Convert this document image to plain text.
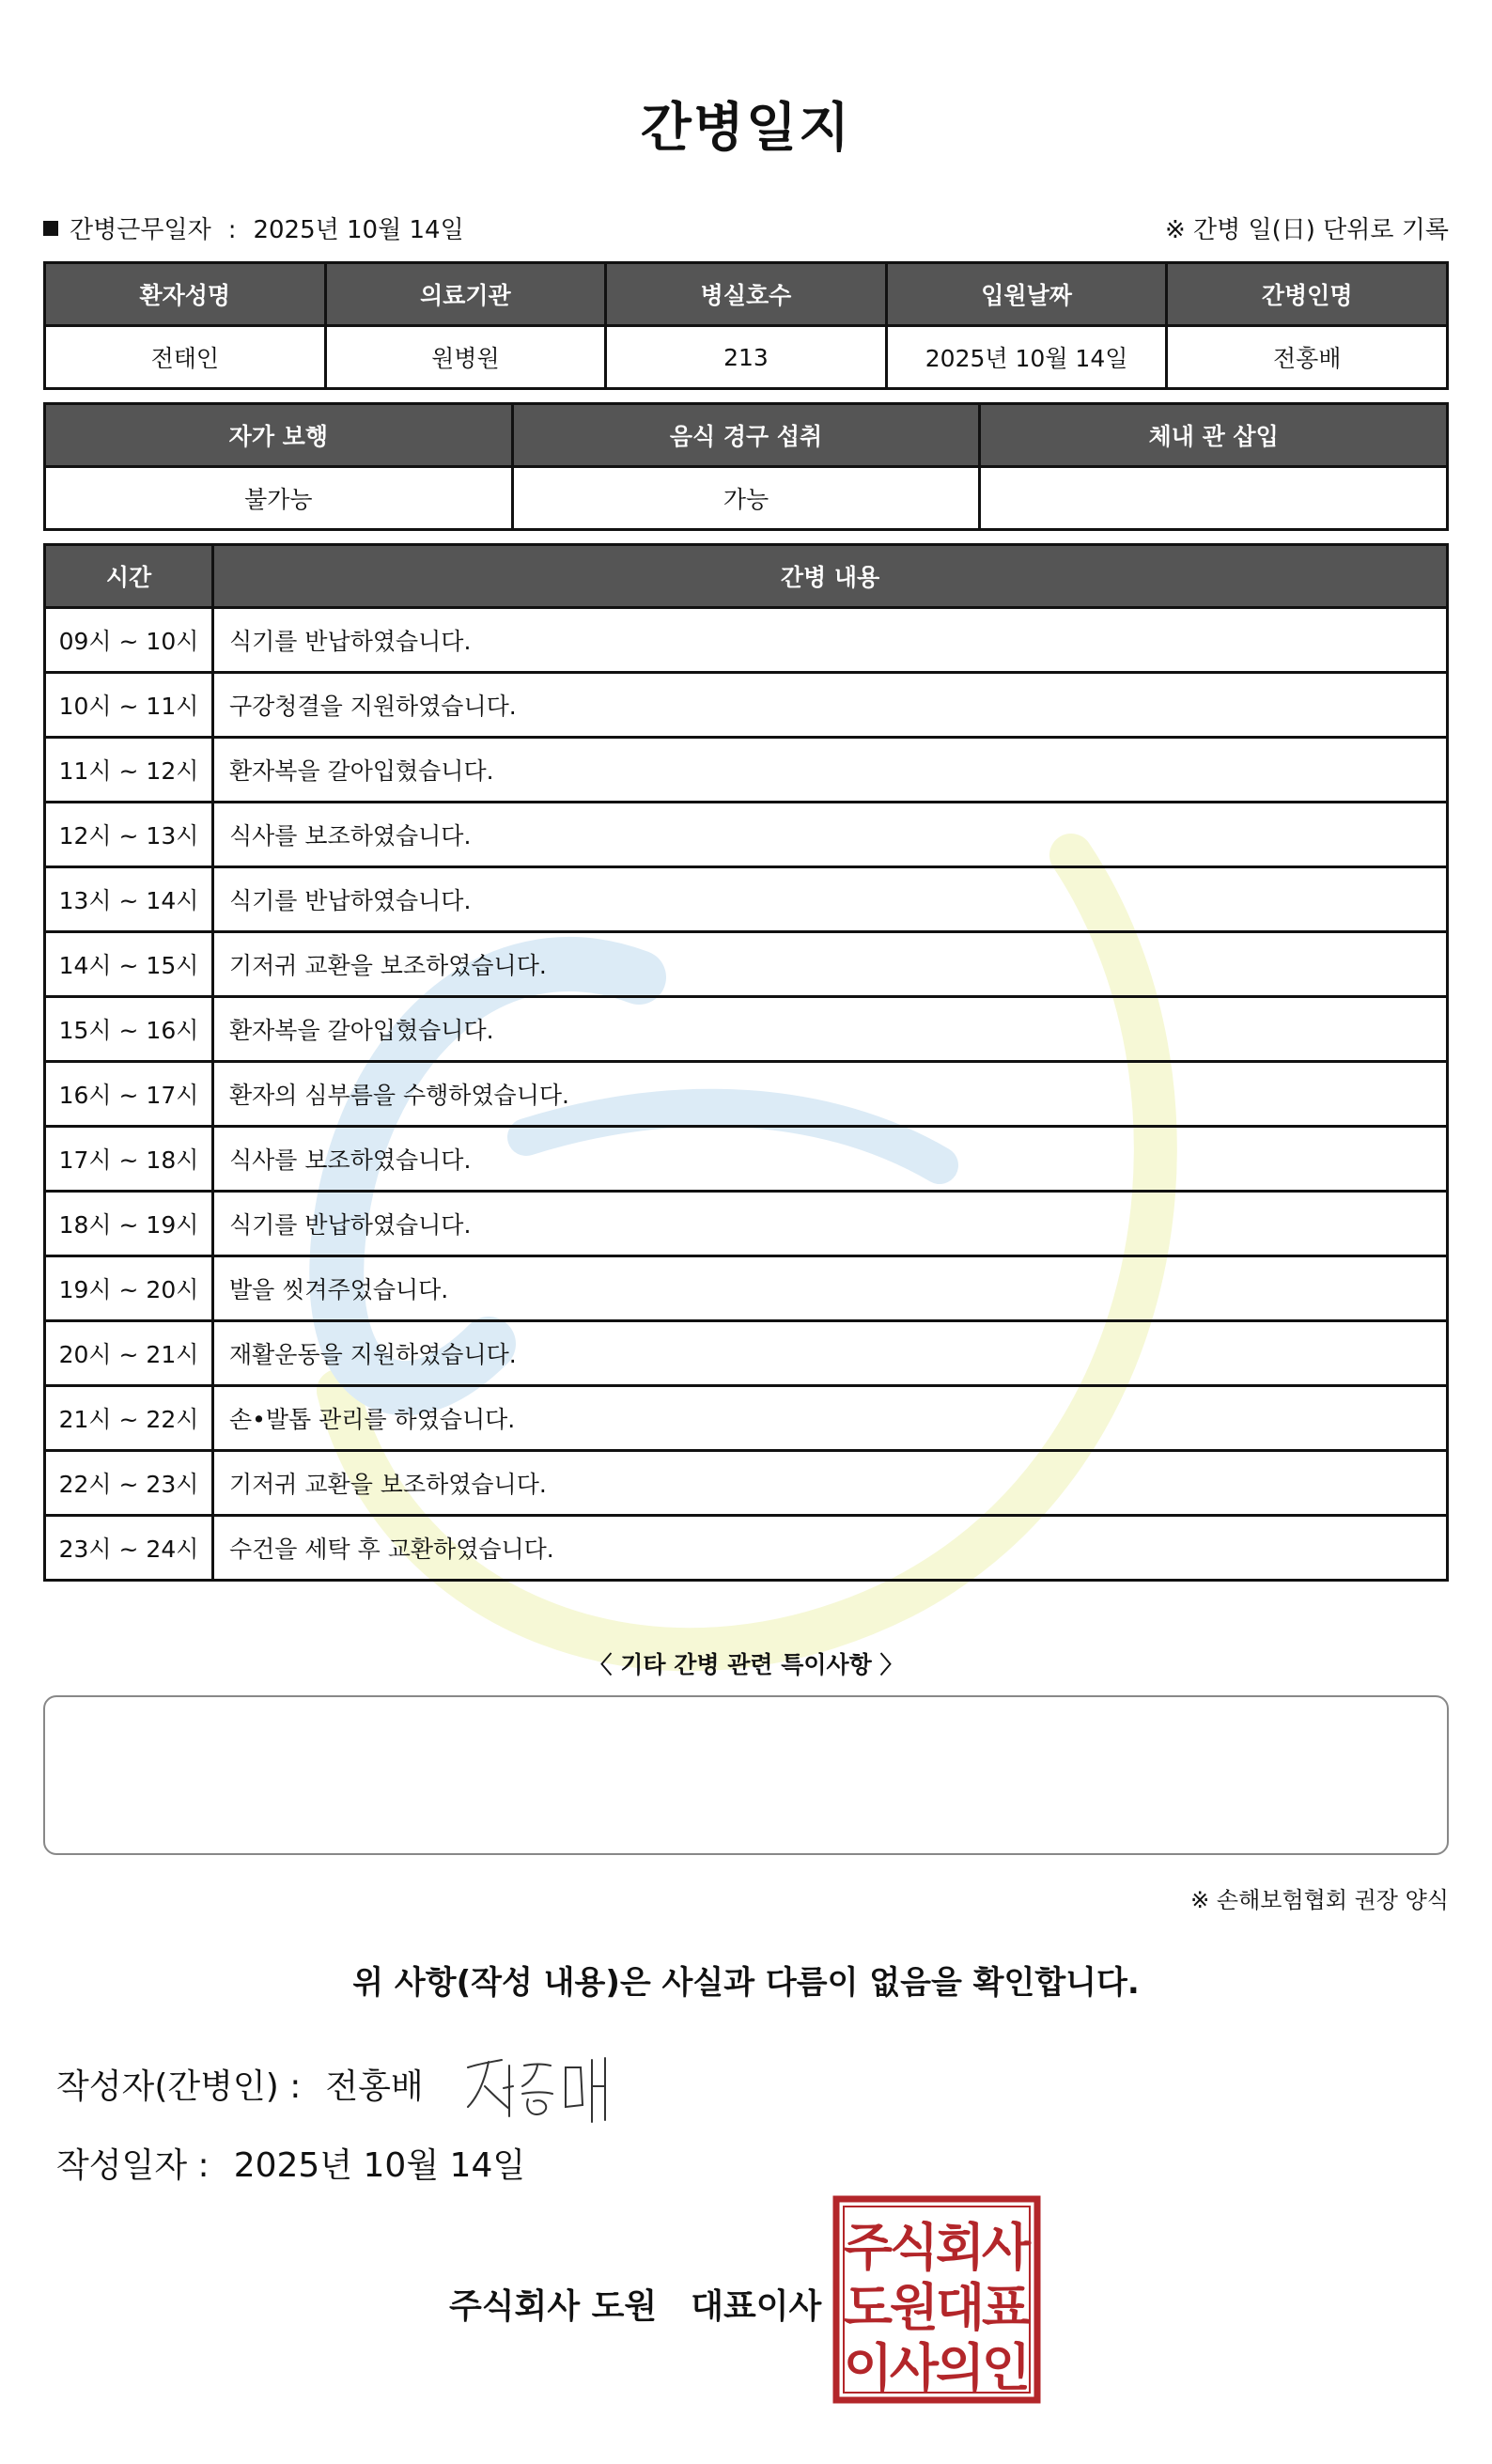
간병일지
간병근무일자 : 2025년 10월 14일	※ 간병 일(日) 단위로 기록
환자성명	의료기관	병실호수	입원날짜	간병인명
전태인	원병원	213	2025년 10월 14일	전홍배
자가 보행	음식 경구 섭취	체내 관 삽입
불가능	가능	
시간	간병 내용
09시 ~ 10시	식기를 반납하였습니다.
10시 ~ 11시	구강청결을 지원하였습니다.
11시 ~ 12시	환자복을 갈아입혔습니다.
12시 ~ 13시	식사를 보조하였습니다.
13시 ~ 14시	식기를 반납하였습니다.
14시 ~ 15시	기저귀 교환을 보조하였습니다.
15시 ~ 16시	환자복을 갈아입혔습니다.
16시 ~ 17시	환자의 심부름을 수행하였습니다.
17시 ~ 18시	식사를 보조하였습니다.
18시 ~ 19시	식기를 반납하였습니다.
19시 ~ 20시	발을 씻겨주었습니다.
20시 ~ 21시	재활운동을 지원하였습니다.
21시 ~ 22시	손•발톱 관리를 하였습니다.
22시 ~ 23시	기저귀 교환을 보조하였습니다.
23시 ~ 24시	수건을 세탁 후 교환하였습니다.
〈 기타 간병 관련 특이사항 〉
※ 손해보험협회 권장 양식
위 사항(작성 내용)은 사실과 다름이 없음을 확인합니다.
작성자(간병인) : 전홍배
작성일자 : 2025년 10월 14일
주식회사 도원 대표이사
주
식
회
사
도
원
대
표
이
사
의
인
